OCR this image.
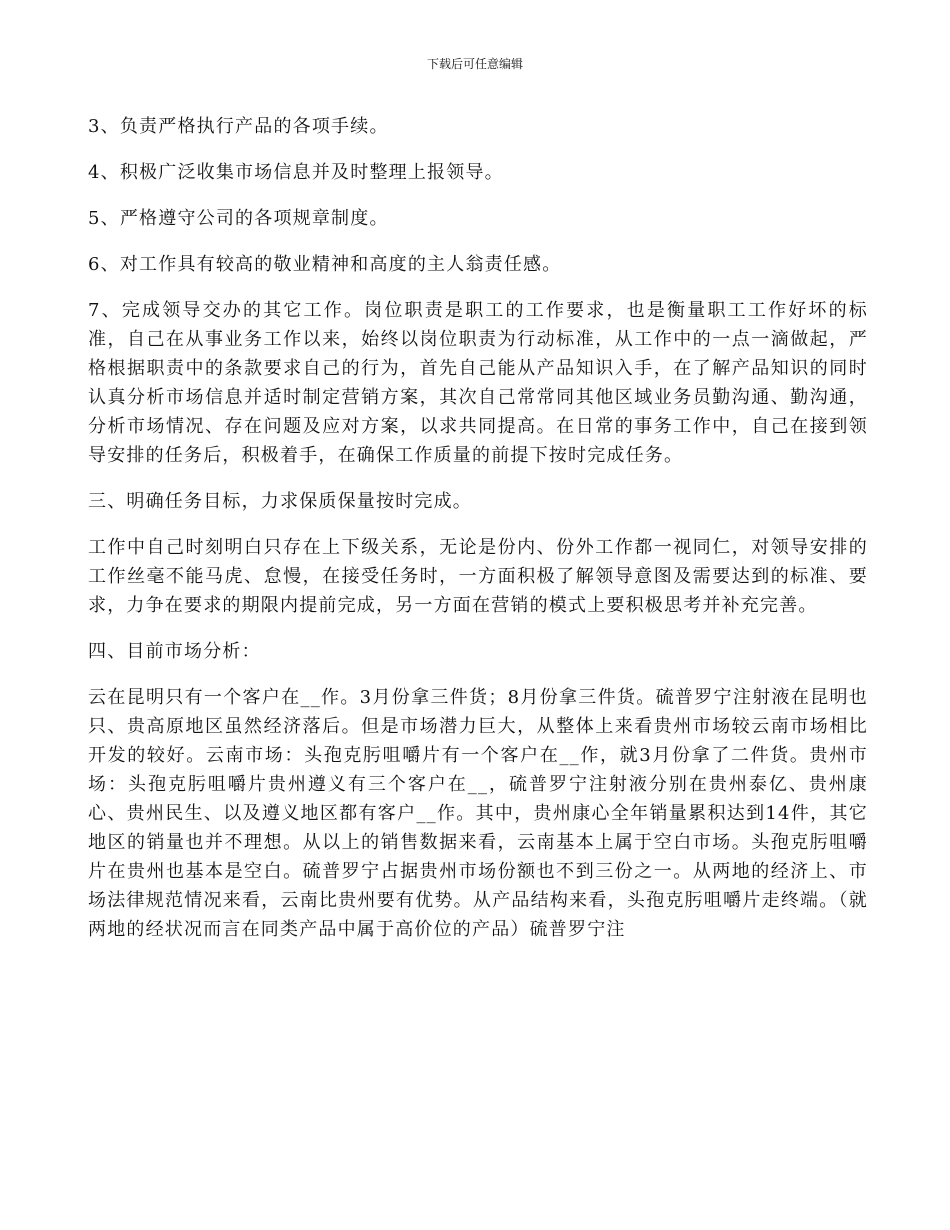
下载后可任意编辑

3、负责严格执行产品的各项手续。

4、积极广泛收集市场信息并及时整理上报领导。

5、严格遵守公司的各项规章制度。

6、对工作具有较高的敬业精神和高度的主人翁责任感。

7、完成领导交办的其它工作。岗位职责是职工的工作要求，也是衡量职工工作好坏的标准，自己在从事业务工作以来，始终以岗位职责为行动标准，从工作中的一点一滴做起，严格根据职责中的条款要求自己的行为，首先自己能从产品知识入手，在了解产品知识的同时认真分析市场信息并适时制定营销方案，其次自己常常同其他区域业务员勤沟通、勤沟通，分析市场情况、存在问题及应对方案，以求共同提高。在日常的事务工作中，自己在接到领导安排的任务后，积极着手，在确保工作质量的前提下按时完成任务。

三、明确任务目标，力求保质保量按时完成。

工作中自己时刻明白只存在上下级关系，无论是份内、份外工作都一视同仁，对领导安排的工作丝毫不能马虎、怠慢，在接受任务时，一方面积极了解领导意图及需要达到的标准、要求，力争在要求的期限内提前完成，另一方面在营销的模式上要积极思考并补充完善。

四、目前市场分析：

云在昆明只有一个客户在__作。3月份拿三件货；8月份拿三件货。硫普罗宁注射液在昆明也只、贵高原地区虽然经济落后。但是市场潜力巨大，从整体上来看贵州市场较云南市场相比开发的较好。云南市场：头孢克肟咀嚼片有一个客户在__作，就3月份拿了二件货。贵州市场：头孢克肟咀嚼片贵州遵义有三个客户在__，硫普罗宁注射液分别在贵州泰亿、贵州康心、贵州民生、以及遵义地区都有客户__作。其中，贵州康心全年销量累积达到14件，其它地区的销量也并不理想。从以上的销售数据来看，云南基本上属于空白市场。头孢克肟咀嚼片在贵州也基本是空白。硫普罗宁占据贵州市场份额也不到三份之一。从两地的经济上、市场法律规范情况来看，云南比贵州要有优势。从产品结构来看，头孢克肟咀嚼片走终端。（就两地的经状况而言在同类产品中属于高价位的产品）硫普罗宁注
